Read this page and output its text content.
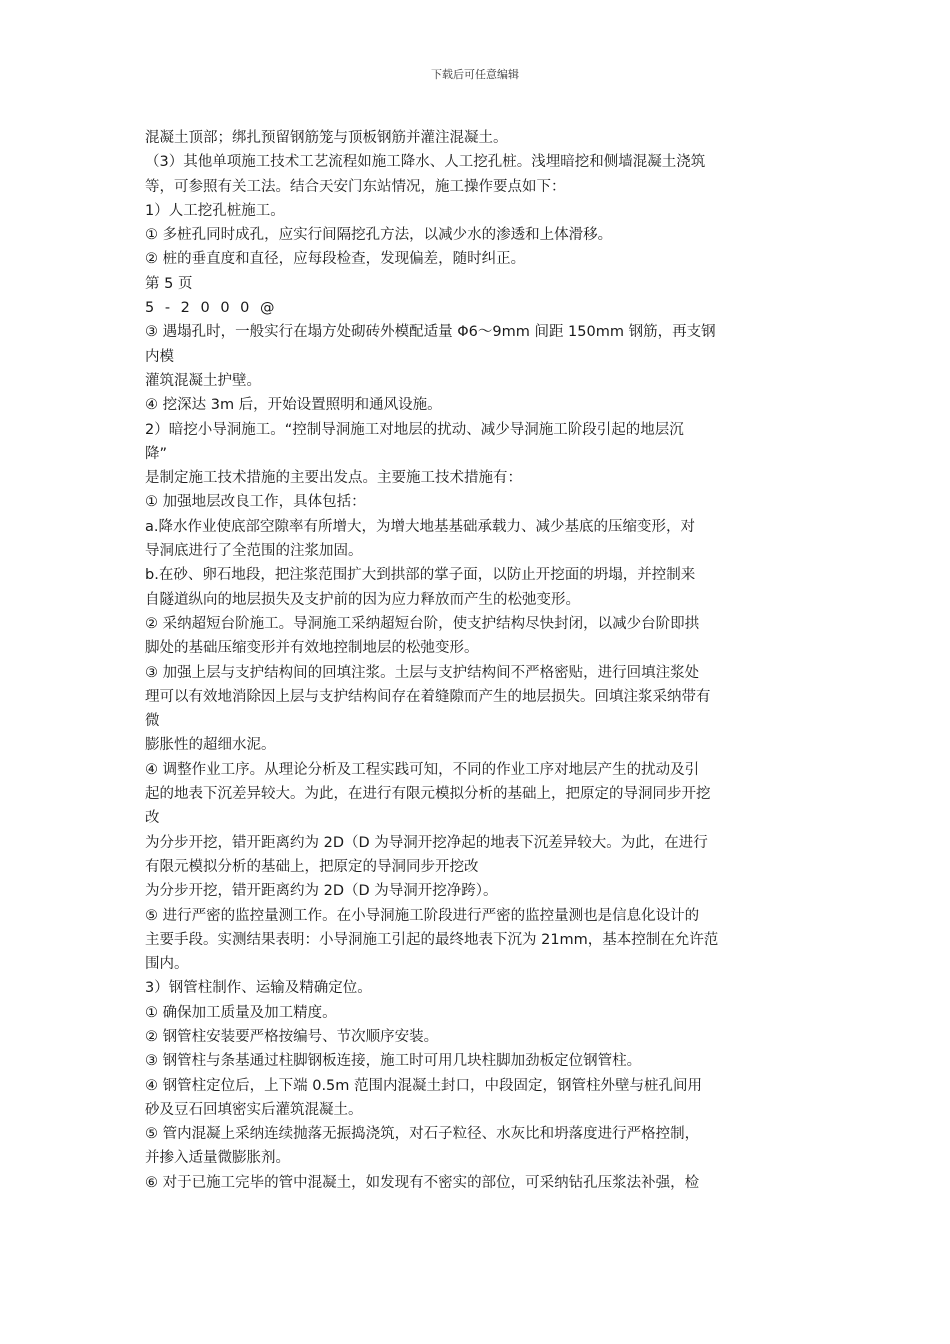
下载后可任意编辑
混凝土顶部；绑扎预留钢筋笼与顶板钢筋并灌注混凝土。
（3）其他单项施工技术工艺流程如施工降水、人工挖孔桩。浅埋暗挖和侧墙混凝土浇筑
等，可参照有关工法。结合天安门东站情况，施工操作要点如下：
1）人工挖孔桩施工。
① 多桩孔同时成孔，应实行间隔挖孔方法，以减少水的渗透和上体滑移。
② 桩的垂直度和直径，应每段检查，发现偏差，随时纠正。
第 5 页
5 - 2 0 0 0 @
③ 遇塌孔时，一般实行在塌方处砌砖外模配适量 Φ6～9mm 间距 150mm 钢筋，再支钢
内模
灌筑混凝土护壁。
④ 挖深达 3m 后，开始设置照明和通风设施。
2）暗挖小导洞施工。“控制导洞施工对地层的扰动、减少导洞施工阶段引起的地层沉
降”
是制定施工技术措施的主要出发点。主要施工技术措施有：
① 加强地层改良工作，具体包括：
a.降水作业使底部空隙率有所增大，为增大地基基础承载力、减少基底的压缩变形，对
导洞底进行了全范围的注浆加固。
b.在砂、卵石地段，把注浆范围扩大到拱部的掌子面，以防止开挖面的坍塌，并控制来
自隧道纵向的地层损失及支护前的因为应力释放而产生的松弛变形。
② 采纳超短台阶施工。导洞施工采纳超短台阶，使支护结构尽快封闭，以减少台阶即拱
脚处的基础压缩变形并有效地控制地层的松弛变形。
③ 加强上层与支护结构间的回填注浆。土层与支护结构间不严格密贴，进行回填注浆处
理可以有效地消除因上层与支护结构间存在着缝隙而产生的地层损失。回填注浆采纳带有
微
膨胀性的超细水泥。
④ 调整作业工序。从理论分析及工程实践可知，不同的作业工序对地层产生的扰动及引
起的地表下沉差异较大。为此，在进行有限元模拟分析的基础上，把原定的导洞同步开挖
改
为分步开挖，错开距离约为 2D（D 为导洞开挖净起的地表下沉差异较大。为此，在进行
有限元模拟分析的基础上，把原定的导洞同步开挖改
为分步开挖，错开距离约为 2D（D 为导洞开挖净跨）。
⑤ 进行严密的监控量测工作。在小导洞施工阶段进行严密的监控量测也是信息化设计的
主要手段。实测结果表明：小导洞施工引起的最终地表下沉为 21mm，基本控制在允许范
围内。
3）钢管柱制作、运输及精确定位。
① 确保加工质量及加工精度。
② 钢管柱安装要严格按编号、节次顺序安装。
③ 钢管柱与条基通过柱脚钢板连接，施工时可用几块柱脚加劲板定位钢管柱。
④ 钢管柱定位后，上下端 0.5m 范围内混凝土封口，中段固定，钢管柱外壁与桩孔间用
砂及豆石回填密实后灌筑混凝土。
⑤ 管内混凝上采纳连续抛落无振捣浇筑，对石子粒径、水灰比和坍落度进行严格控制，
并掺入适量微膨胀剂。
⑥ 对于已施工完毕的管中混凝土，如发现有不密实的部位，可采纳钻孔压浆法补强，检
